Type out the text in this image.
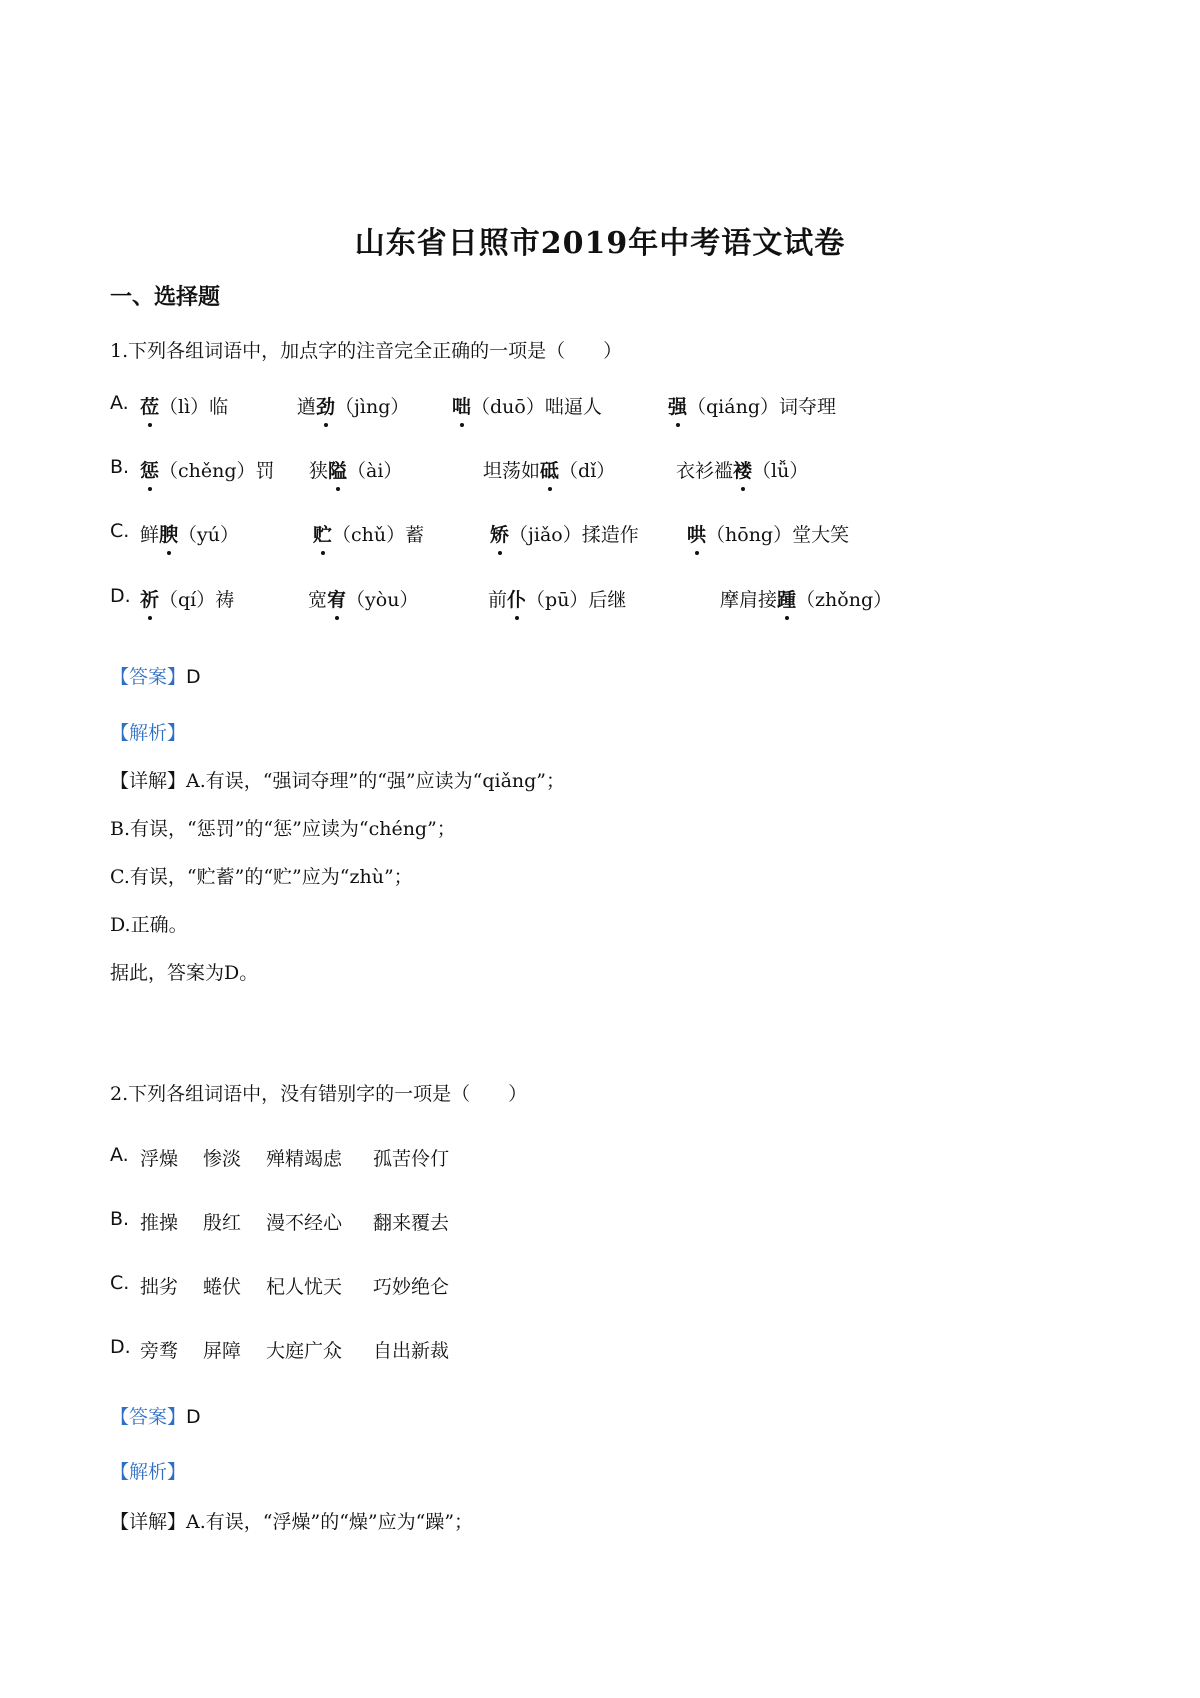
山东省日照市2019年中考语文试卷
一、选择题
1.下列各组词语中，加点字的注音完全正确的一项是（　　）
A. 莅（lì）临	遒劲（jìng） 咄（duō）咄逼人	强（qiáng）词夺理
B. 惩（chěng）罚 狭隘（ài）	坦荡如砥（dǐ）	衣衫褴褛（lǚ）
C. 鲜腴（yú）	贮（chǔ）蓄	矫（jiǎo）揉造作	哄（hōng）堂大笑
D. 祈（qí）祷	宽宥（yòu）	前仆（pū）后继	摩肩接踵（zhǒng）
【答案】D
【解析】
【详解】A.有误，“强词夺理”的“强”应读为“qiǎng”；
B.有误，“惩罚”的“惩”应读为“chéng”；
C.有误，“贮蓄”的“贮”应为“zhù”；
D.正确。
据此，答案为D。
2.下列各组词语中，没有错别字的一项是（　　）
A. 浮燥 惨淡 殚精竭虑 孤苦伶仃
B. 推操 殷红 漫不经心 翻来覆去
C. 拙劣 蜷伏 杞人忧天 巧妙绝仑
D. 旁骛 屏障 大庭广众 自出新裁
【答案】D
【解析】
【详解】A.有误，“浮燥”的“燥”应为“躁”；
